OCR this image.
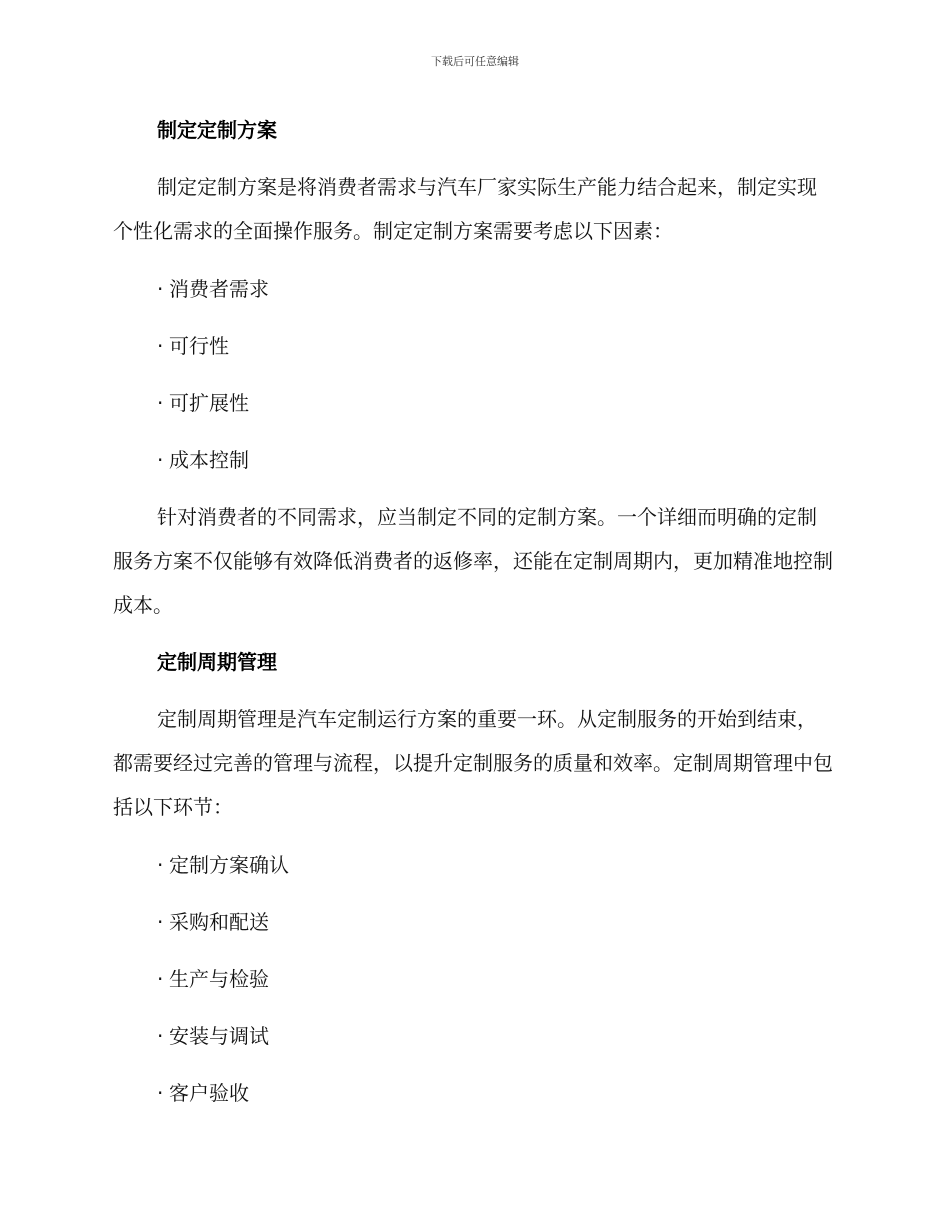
下载后可任意编辑
制定定制方案

制定定制方案是将消费者需求与汽车厂家实际生产能力结合起来，制定实现个性化需求的全面操作服务。制定定制方案需要考虑以下因素：

· 消费者需求

· 可行性

· 可扩展性

· 成本控制

针对消费者的不同需求，应当制定不同的定制方案。一个详细而明确的定制服务方案不仅能够有效降低消费者的返修率，还能在定制周期内，更加精准地控制成本。

定制周期管理

定制周期管理是汽车定制运行方案的重要一环。从定制服务的开始到结束，都需要经过完善的管理与流程，以提升定制服务的质量和效率。定制周期管理中包括以下环节：

· 定制方案确认

· 采购和配送

· 生产与检验

· 安装与调试

· 客户验收
